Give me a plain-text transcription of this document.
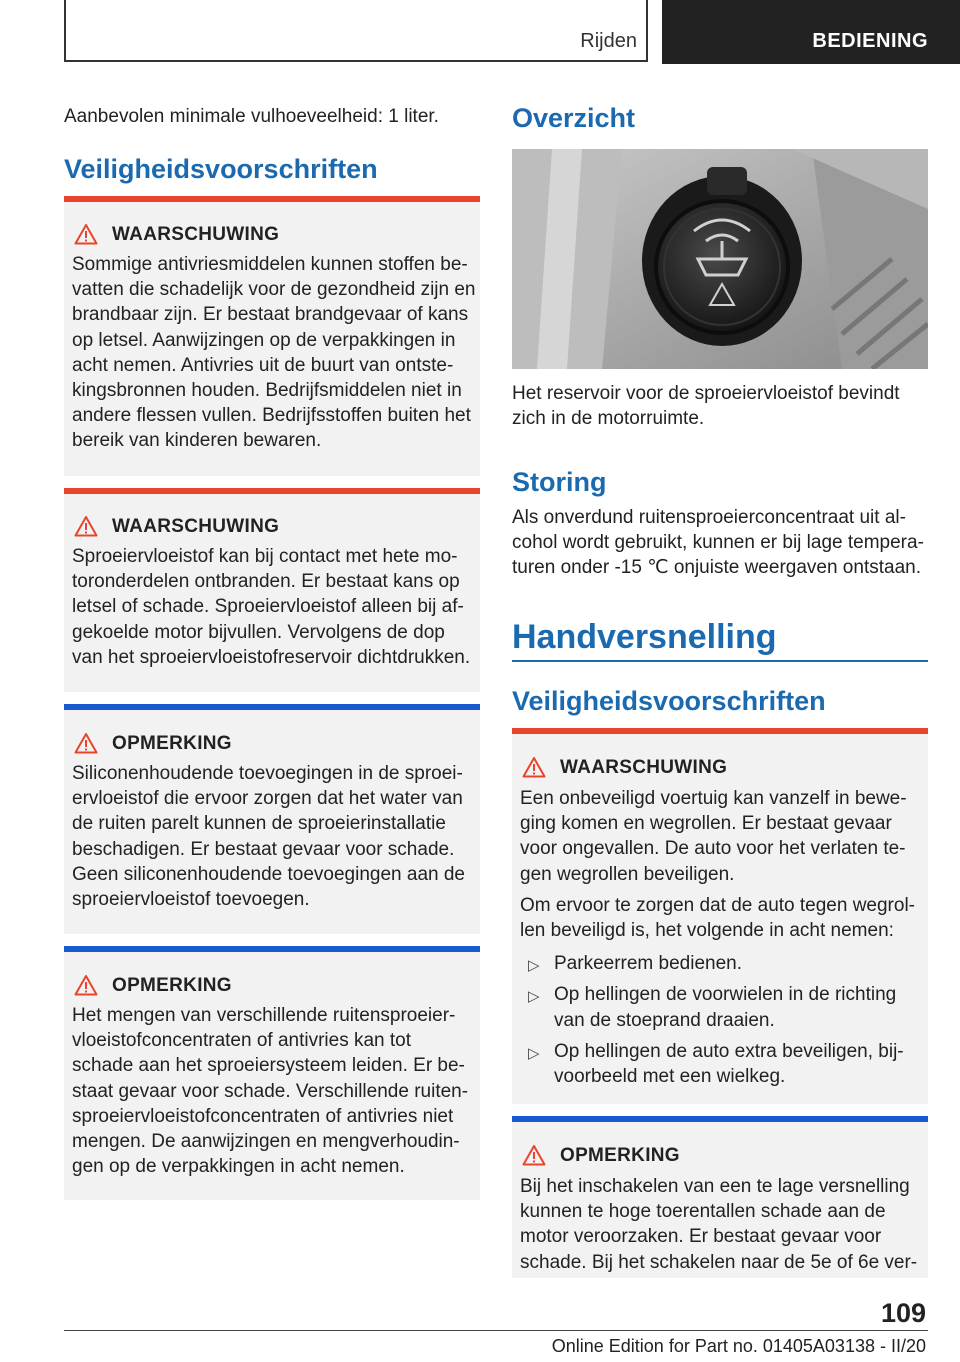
Rijden	BEDIENING
Aanbevolen minimale vulhoeveelheid: 1 liter.
Veiligheidsvoorschriften
WAARSCHUWING
Sommige antivriesmiddelen kunnen stoffen be-
vatten die schadelijk voor de gezondheid zijn en
brandbaar zijn. Er bestaat brandgevaar of kans
op letsel. Aanwijzingen op de verpakkingen in
acht nemen. Antivries uit de buurt van ontste-
kingsbronnen houden. Bedrijfsmiddelen niet in
andere flessen vullen. Bedrijfsstoffen buiten het
bereik van kinderen bewaren.
WAARSCHUWING
Sproeiervloeistof kan bij contact met hete mo-
toronderdelen ontbranden. Er bestaat kans op
letsel of schade. Sproeiervloeistof alleen bij af-
gekoelde motor bijvullen. Vervolgens de dop
van het sproeiervloeistofreservoir dichtdrukken.
OPMERKING
Siliconenhoudende toevoegingen in de sproei-
ervloeistof die ervoor zorgen dat het water van
de ruiten parelt kunnen de sproeierinstallatie
beschadigen. Er bestaat gevaar voor schade.
Geen siliconenhoudende toevoegingen aan de
sproeiervloeistof toevoegen.
OPMERKING
Het mengen van verschillende ruitensproeier-
vloeistofconcentraten of antivries kan tot
schade aan het sproeiersysteem leiden. Er be-
staat gevaar voor schade. Verschillende ruiten-
sproeiervloeistofconcentraten of antivries niet
mengen. De aanwijzingen en mengverhoudin-
gen op de verpakkingen in acht nemen.
Overzicht
Het reservoir voor de sproeiervloeistof bevindt
zich in de motorruimte.
Storing
Als onverdund ruitensproeierconcentraat uit al-
cohol wordt gebruikt, kunnen er bij lage tempera-
turen onder -15 ℃ onjuiste weergaven ontstaan.
Handversnelling
Veiligheidsvoorschriften
WAARSCHUWING
Een onbeveiligd voertuig kan vanzelf in bewe-
ging komen en wegrollen. Er bestaat gevaar
voor ongevallen. De auto voor het verlaten te-
gen wegrollen beveiligen.
Om ervoor te zorgen dat de auto tegen wegrol-
len beveiligd is, het volgende in acht nemen:
▷ Parkeerrem bedienen.
▷ Op hellingen de voorwielen in de richting
van de stoeprand draaien.
▷ Op hellingen de auto extra beveiligen, bij-
voorbeeld met een wielkeg.
OPMERKING
Bij het inschakelen van een te lage versnelling
kunnen te hoge toerentallen schade aan de
motor veroorzaken. Er bestaat gevaar voor
schade. Bij het schakelen naar de 5e of 6e ver-
109
Online Edition for Part no. 01405A03138 - II/20
